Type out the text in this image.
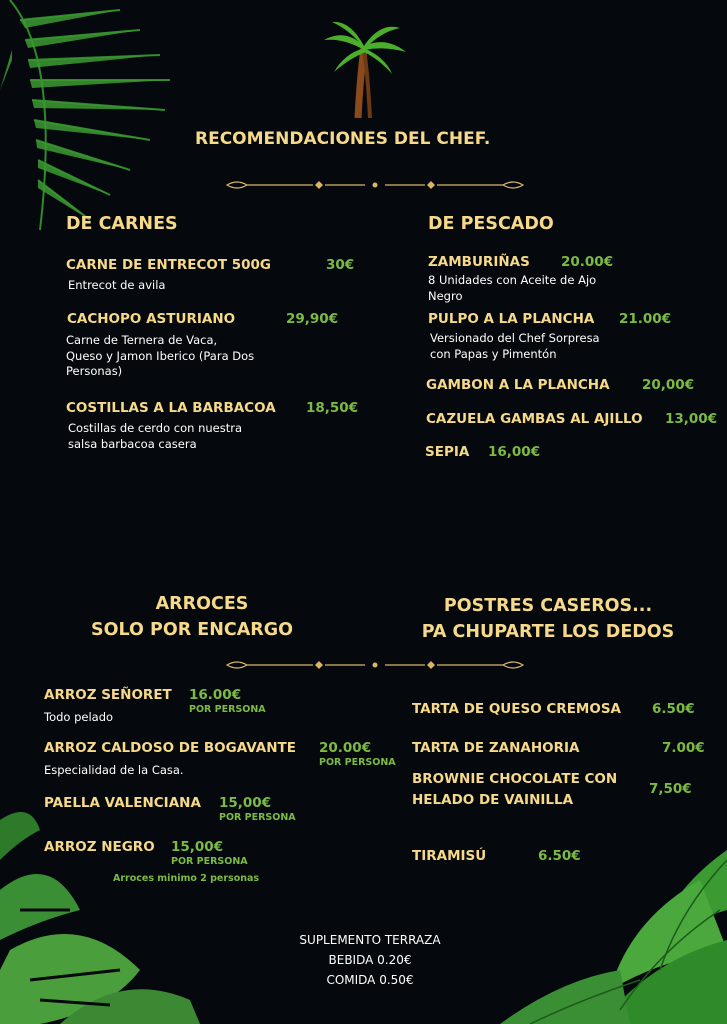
RECOMENDACIONES DEL CHEF.
DE CARNES
CARNE DE ENTRECOT 500G	30€
Entrecot de avila
CACHOPO ASTURIANO	29,90€
Carne de Ternera de Vaca, Queso y Jamon Iberico (Para Dos Personas)
COSTILLAS A LA BARBACOA 18,50€
Costillas de cerdo con nuestra salsa barbacoa casera
DE PESCADO
ZAMBURIÑAS 20.00€
8 Unidades con Aceite de Ajo Negro
PULPO A LA PLANCHA 21.00€
Versionado del Chef Sorpresa con Papas y Pimentón
GAMBON A LA PLANCHA 20,00€
CAZUELA GAMBAS AL AJILLO 13,00€
SEPIA 16,00€
ARROCES
SOLO POR ENCARGO
POSTRES CASEROS...
PA CHUPARTE LOS DEDOS
ARROZ SEÑORET 16.00€
POR PERSONA
Todo pelado
ARROZ CALDOSO DE BOGAVANTE 20.00€
POR PERSONA
Especialidad de la Casa.
PAELLA VALENCIANA 15,00€
POR PERSONA
ARROZ NEGRO 15,00€
POR PERSONA
Arroces minimo 2 personas
TARTA DE QUESO CREMOSA 6.50€
TARTA DE ZANAHORIA	7.00€
BROWNIE CHOCOLATE CON
HELADO DE VAINILLA
7,50€
TIRAMISÚ	6.50€
SUPLEMENTO TERRAZA
BEBIDA 0.20€
COMIDA 0.50€
